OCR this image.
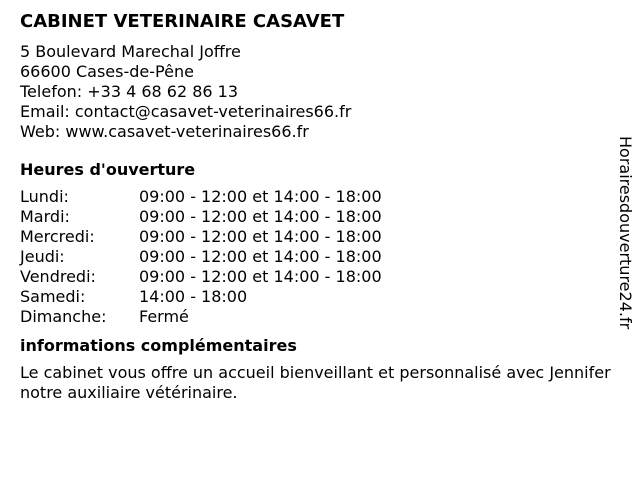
CABINET VETERINAIRE CASAVET
5 Boulevard Marechal Joffre
66600 Cases-de-Pêne
Telefon: +33 4 68 62 86 13
Email: contact@casavet-veterinaires66.fr
Web: www.casavet-veterinaires66.fr
Heures d'ouverture
Lundi:	09:00 - 12:00 et 14:00 - 18:00
Mardi:	09:00 - 12:00 et 14:00 - 18:00
Mercredi:	09:00 - 12:00 et 14:00 - 18:00
Jeudi:	09:00 - 12:00 et 14:00 - 18:00
Vendredi:	09:00 - 12:00 et 14:00 - 18:00
Samedi:	14:00 - 18:00
Dimanche:	Fermé
informations complémentaires
Le cabinet vous offre un accueil bienveillant et personnalisé avec Jennifer notre auxiliaire vétérinaire.
Horairesdouverture24.fr
